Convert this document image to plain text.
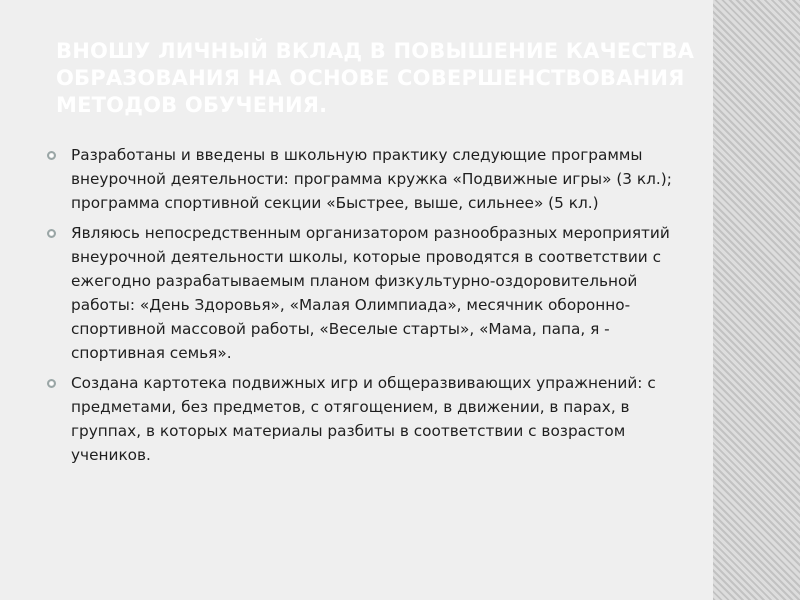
ВНОШУ ЛИЧНЫЙ ВКЛАД В ПОВЫШЕНИЕ КАЧЕСТВА ОБРАЗОВАНИЯ НА ОСНОВЕ СОВЕРШЕНСТВОВАНИЯ МЕТОДОВ ОБУЧЕНИЯ.
Разработаны и введены в школьную практику следующие программы внеурочной деятельности: программа кружка «Подвижные игры» (3 кл.); программа спортивной секции «Быстрее, выше, сильнее» (5 кл.)
Являюсь непосредственным организатором разнообразных мероприятий внеурочной деятельности школы, которые проводятся в соответствии с ежегодно разрабатываемым планом физкультурно-оздоровительной работы: «День Здоровья», «Малая Олимпиада», месячник оборонно-спортивной массовой работы, «Веселые старты», «Мама, папа, я - спортивная семья».
Создана картотека подвижных игр и общеразвивающих упражнений: с предметами, без предметов, с отягощением, в движении, в парах, в группах, в которых материалы разбиты в соответствии с возрастом учеников.
